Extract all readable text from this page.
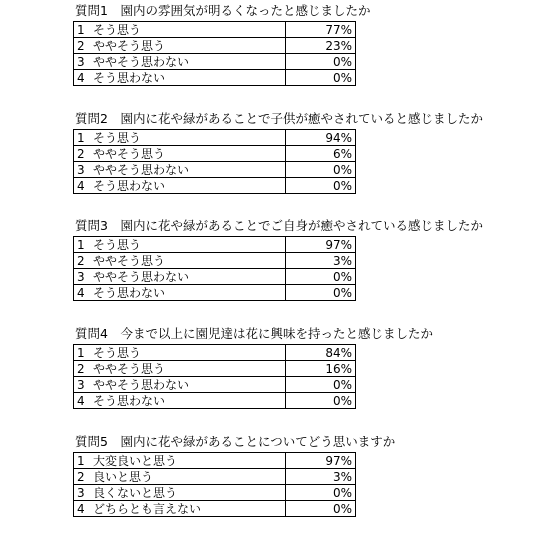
質問1　園内の雰囲気が明るくなったと感じましたか
1 そう思う	77%
2 ややそう思う	23%
3 ややそう思わない	0%
4 そう思わない	0%
質問2　園内に花や緑があることで子供が癒やされていると感じましたか
1 そう思う	94%
2 ややそう思う	6%
3 ややそう思わない	0%
4 そう思わない	0%
質問3　園内に花や緑があることでご自身が癒やされている感じましたか
1 そう思う	97%
2 ややそう思う	3%
3 ややそう思わない	0%
4 そう思わない	0%
質問4　今まで以上に園児達は花に興味を持ったと感じましたか
1 そう思う	84%
2 ややそう思う	16%
3 ややそう思わない	0%
4 そう思わない	0%
質問5　園内に花や緑があることについてどう思いますか
1 大変良いと思う	97%
2 良いと思う	3%
3 良くないと思う	0%
4 どちらとも言えない	0%
